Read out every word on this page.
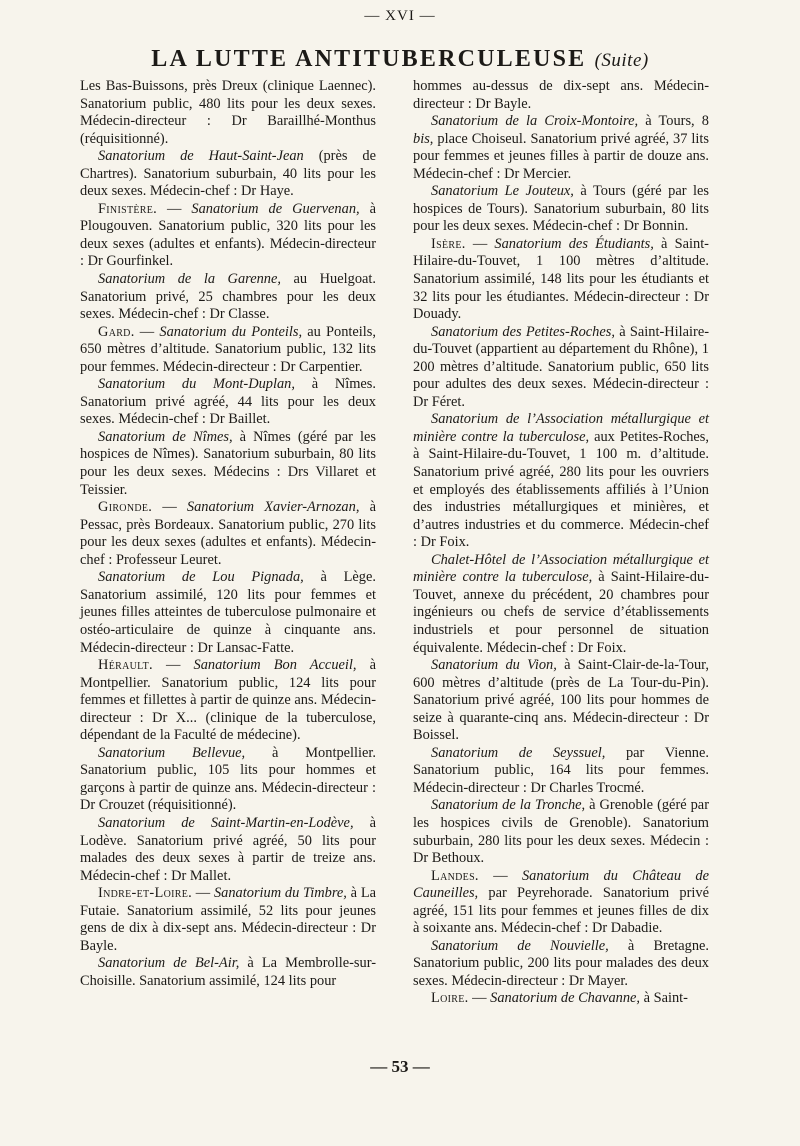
— XVI —
LA LUTTE ANTITUBERCULEUSE (Suite)

Les Bas-Buissons, près Dreux (clinique Laennec). Sanatorium public, 480 lits pour les deux sexes. Médecin-directeur : Dr Baraillhé-Monthus (réquisitionné).

Sanatorium de Haut-Saint-Jean (près de Chartres). Sanatorium suburbain, 40 lits pour les deux sexes. Médecin-chef : Dr Haye.

Finistère. — Sanatorium de Guervenan, à Plougouven. Sanatorium public, 320 lits pour les deux sexes (adultes et enfants). Médecin-directeur : Dr Gourfinkel.

Sanatorium de la Garenne, au Huelgoat. Sanatorium privé, 25 chambres pour les deux sexes. Médecin-chef : Dr Classe.

Gard. — Sanatorium du Ponteils, au Ponteils, 650 mètres d’altitude. Sanatorium public, 132 lits pour femmes. Médecin-directeur : Dr Carpentier.

Sanatorium du Mont-Duplan, à Nîmes. Sanatorium privé agréé, 44 lits pour les deux sexes. Médecin-chef : Dr Baillet.

Sanatorium de Nîmes, à Nîmes (géré par les hospices de Nîmes). Sanatorium suburbain, 80 lits pour les deux sexes. Médecins : Drs Villaret et Teissier.

Gironde. — Sanatorium Xavier-Arnozan, à Pessac, près Bordeaux. Sanatorium public, 270 lits pour les deux sexes (adultes et enfants). Médecin-chef : Professeur Leuret.

Sanatorium de Lou Pignada, à Lège. Sanatorium assimilé, 120 lits pour femmes et jeunes filles atteintes de tuberculose pulmonaire et ostéo-articulaire de quinze à cinquante ans. Médecin-directeur : Dr Lansac-Fatte.

Hérault. — Sanatorium Bon Accueil, à Montpellier. Sanatorium public, 124 lits pour femmes et fillettes à partir de quinze ans. Médecin-directeur : Dr X... (clinique de la tuberculose, dépendant de la Faculté de médecine).

Sanatorium Bellevue, à Montpellier. Sanatorium public, 105 lits pour hommes et garçons à partir de quinze ans. Médecin-directeur : Dr Crouzet (réquisitionné).

Sanatorium de Saint-Martin-en-Lodève, à Lodève. Sanatorium privé agréé, 50 lits pour malades des deux sexes à partir de treize ans. Médecin-chef : Dr Mallet.

Indre-et-Loire. — Sanatorium du Timbre, à La Futaie. Sanatorium assimilé, 52 lits pour jeunes gens de dix à dix-sept ans. Médecin-directeur : Dr Bayle.

Sanatorium de Bel-Air, à La Membrolle-sur-Choisille. Sanatorium assimilé, 124 lits pour

hommes au-dessus de dix-sept ans. Médecin-directeur : Dr Bayle.

Sanatorium de la Croix-Montoire, à Tours, 8 bis, place Choiseul. Sanatorium privé agréé, 37 lits pour femmes et jeunes filles à partir de douze ans. Médecin-chef : Dr Mercier.

Sanatorium Le Jouteux, à Tours (géré par les hospices de Tours). Sanatorium suburbain, 80 lits pour les deux sexes. Médecin-chef : Dr Bonnin.

Isère. — Sanatorium des Étudiants, à Saint-Hilaire-du-Touvet, 1 100 mètres d’altitude. Sanatorium assimilé, 148 lits pour les étudiants et 32 lits pour les étudiantes. Médecin-directeur : Dr Douady.

Sanatorium des Petites-Roches, à Saint-Hilaire-du-Touvet (appartient au département du Rhône), 1 200 mètres d’altitude. Sanatorium public, 650 lits pour adultes des deux sexes. Médecin-directeur : Dr Féret.

Sanatorium de l’Association métallurgique et minière contre la tuberculose, aux Petites-Roches, à Saint-Hilaire-du-Touvet, 1 100 m. d’altitude. Sanatorium privé agréé, 280 lits pour les ouvriers et employés des établissements affiliés à l’Union des industries métallurgiques et minières, et d’autres industries et du commerce. Médecin-chef : Dr Foix.

Chalet-Hôtel de l’Association métallurgique et minière contre la tuberculose, à Saint-Hilaire-du-Touvet, annexe du précédent, 20 chambres pour ingénieurs ou chefs de service d’établissements industriels et pour personnel de situation équivalente. Médecin-chef : Dr Foix.

Sanatorium du Vion, à Saint-Clair-de-la-Tour, 600 mètres d’altitude (près de La Tour-du-Pin). Sanatorium privé agréé, 100 lits pour hommes de seize à quarante-cinq ans. Médecin-directeur : Dr Boissel.

Sanatorium de Seyssuel, par Vienne. Sanatorium public, 164 lits pour femmes. Médecin-directeur : Dr Charles Trocmé.

Sanatorium de la Tronche, à Grenoble (géré par les hospices civils de Grenoble). Sanatorium suburbain, 280 lits pour les deux sexes. Médecin : Dr Bethoux.

Landes. — Sanatorium du Château de Cauneilles, par Peyrehorade. Sanatorium privé agréé, 151 lits pour femmes et jeunes filles de dix à soixante ans. Médecin-chef : Dr Dabadie.

Sanatorium de Nouvielle, à Bretagne. Sanatorium public, 200 lits pour malades des deux sexes. Médecin-directeur : Dr Mayer.

Loire. — Sanatorium de Chavanne, à Saint-

— 53 —
